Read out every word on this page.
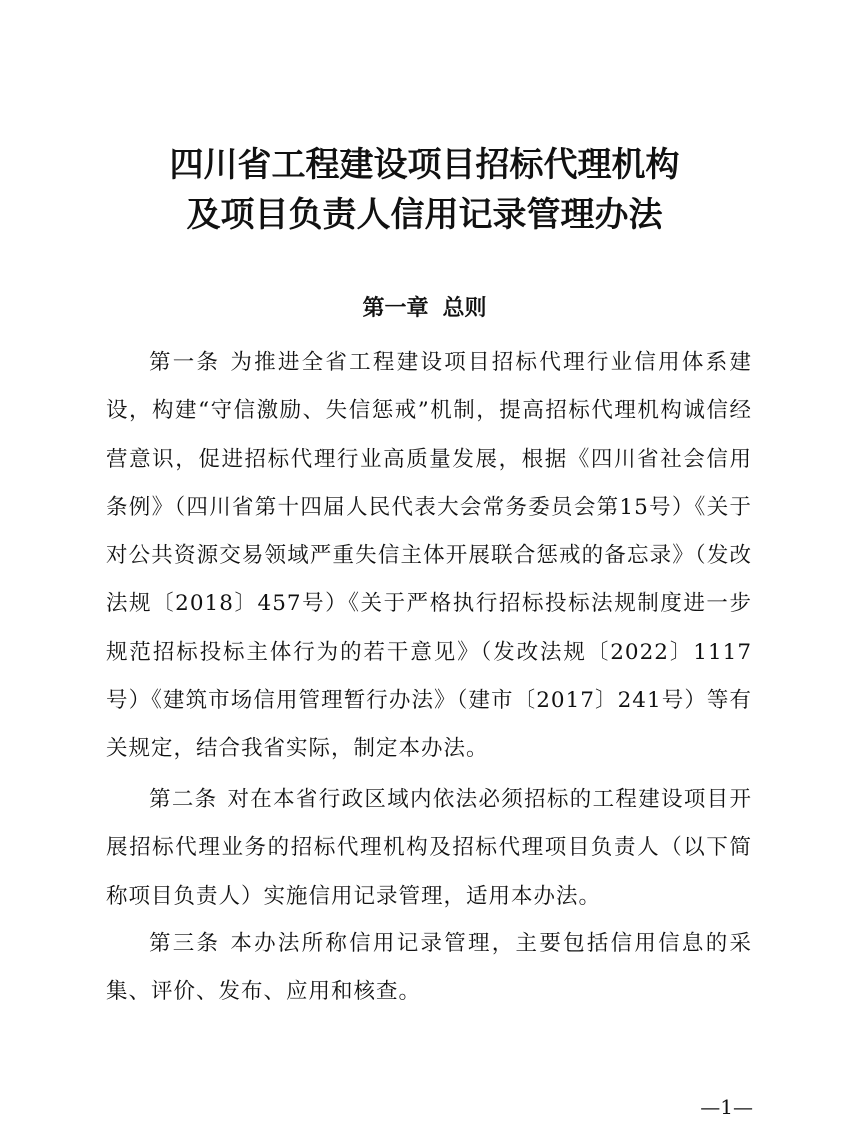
四川省工程建设项目招标代理机构
及项目负责人信用记录管理办法
第一章 总则

第一条 为推进全省工程建设项目招标代理行业信用体系建设，构建“守信激励、失信惩戒”机制，提高招标代理机构诚信经营意识，促进招标代理行业高质量发展，根据《四川省社会信用条例》（四川省第十四届人民代表大会常务委员会第15号）《关于对公共资源交易领域严重失信主体开展联合惩戒的备忘录》（发改法规〔2018〕457号）《关于严格执行招标投标法规制度进一步规范招标投标主体行为的若干意见》（发改法规〔2022〕1117号）《建筑市场信用管理暂行办法》（建市〔2017〕241号）等有关规定，结合我省实际，制定本办法。

第二条 对在本省行政区域内依法必须招标的工程建设项目开展招标代理业务的招标代理机构及招标代理项目负责人（以下简称项目负责人）实施信用记录管理，适用本办法。

第三条 本办法所称信用记录管理，主要包括信用信息的采集、评价、发布、应用和核查。

—1—
